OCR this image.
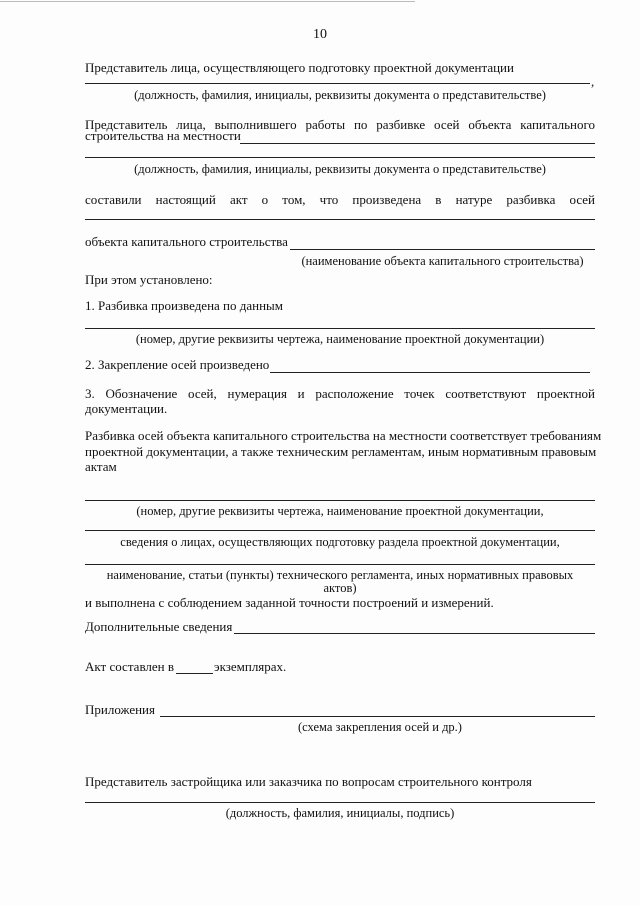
10
Представитель лица, осуществляющего подготовку проектной документации
,
(должность, фамилия, инициалы, реквизиты документа о представительстве)
Представитель лица, выполнившего работы по разбивке осей объекта капитального
строительства на местности
(должность, фамилия, инициалы, реквизиты документа о представительстве)
составили настоящий акт о том, что произведена в натуре разбивка осей
объекта капитального строительства
(наименование объекта капитального строительства)
При этом установлено:
1. Разбивка произведена по данным
(номер, другие реквизиты чертежа, наименование проектной документации)
2. Закрепление осей произведено
3. Обозначение осей, нумерация и расположение точек соответствуют проектной
документации.
Разбивка осей объекта капитального строительства на местности соответствует требованиям
проектной документации, а также техническим регламентам, иным нормативным правовым
актам
(номер, другие реквизиты чертежа, наименование проектной документации,
сведения о лицах, осуществляющих подготовку раздела проектной документации,
наименование, статьи (пункты) технического регламента, иных нормативных правовых
актов)
и выполнена с соблюдением заданной точности построений и измерений.
Дополнительные сведения
Акт составлен в	экземплярах.
Приложения
(схема закрепления осей и др.)
Представитель застройщика или заказчика по вопросам строительного контроля
(должность, фамилия, инициалы, подпись)
